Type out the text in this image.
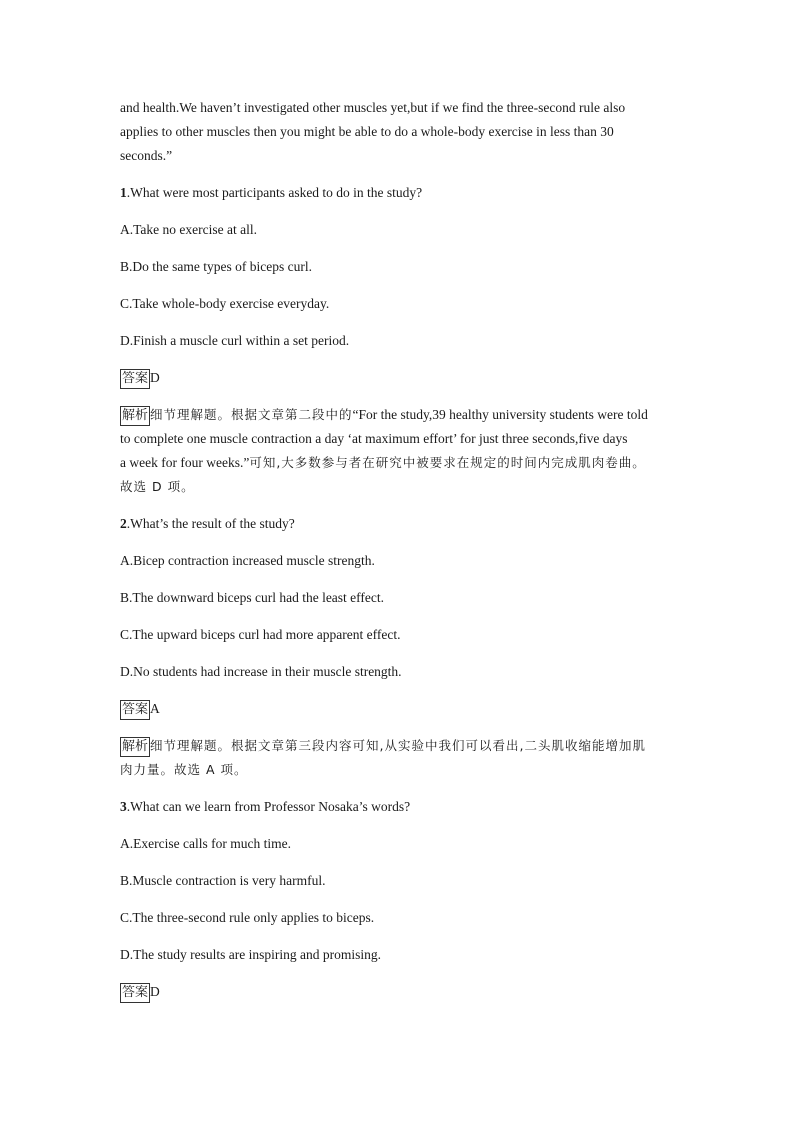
and health.We haven’t investigated other muscles yet,but if we find the three-second rule also
applies to other muscles then you might be able to do a whole-body exercise in less than 30
seconds.”

1.What were most participants asked to do in the study?

A.Take no exercise at all.

B.Do the same types of biceps curl.

C.Take whole-body exercise everyday.

D.Finish a muscle curl within a set period.

答案 D

解析 细节理解题。根据文章第二段中的“For the study,39 healthy university students were told
to complete one muscle contraction a day ‘at maximum effort’ for just three seconds,five days
a week for four weeks.”可知,大多数参与者在研究中被要求在规定的时间内完成肌肉卷曲。
故选 D 项。

2.What’s the result of the study?

A.Bicep contraction increased muscle strength.

B.The downward biceps curl had the least effect.

C.The upward biceps curl had more apparent effect.

D.No students had increase in their muscle strength.

答案 A

解析 细节理解题。根据文章第三段内容可知,从实验中我们可以看出,二头肌收缩能增加肌
肉力量。故选 A 项。

3.What can we learn from Professor Nosaka’s words?

A.Exercise calls for much time.

B.Muscle contraction is very harmful.

C.The three-second rule only applies to biceps.

D.The study results are inspiring and promising.

答案 D
